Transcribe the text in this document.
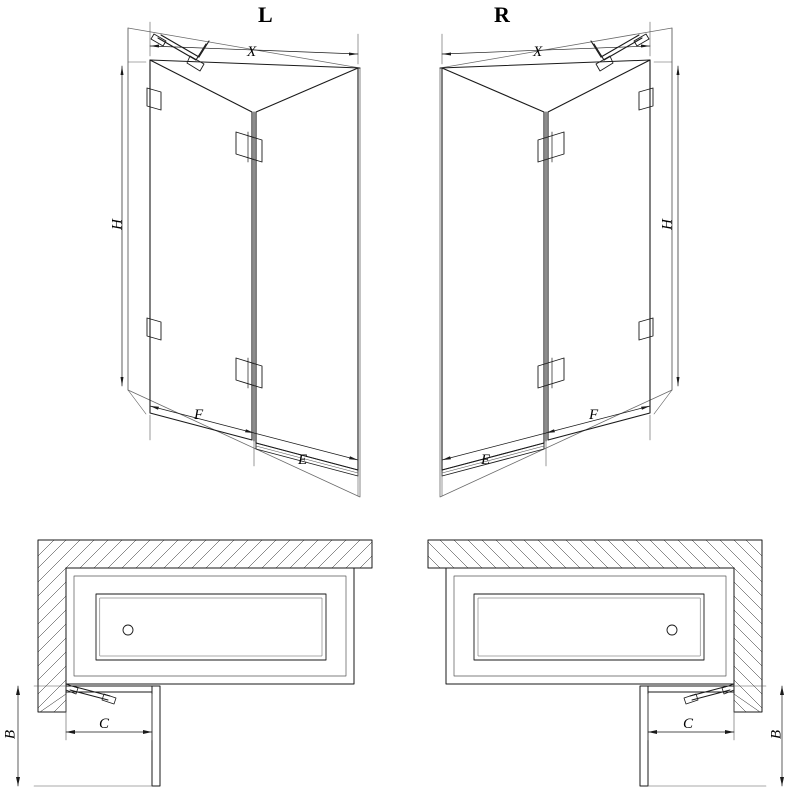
L	R
X
H
F
E
X
H
F
E
C
B
C
B
